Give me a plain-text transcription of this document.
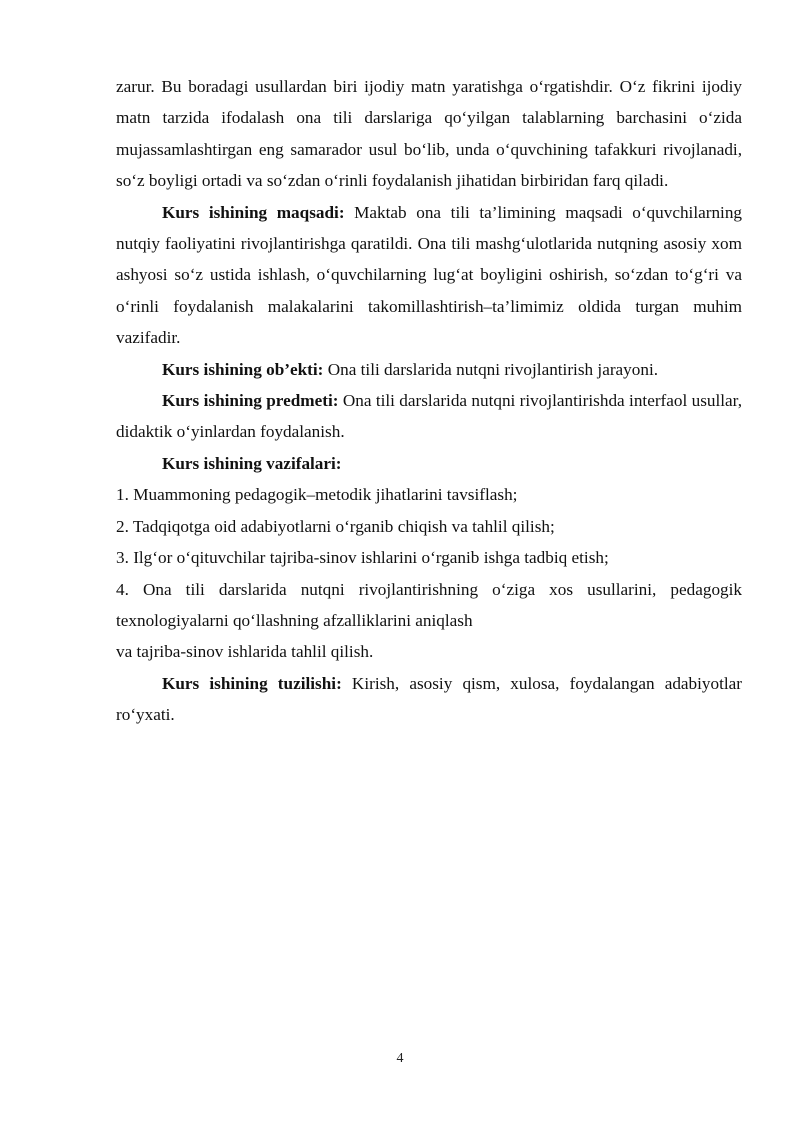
zarur. Bu boradagi usullardan biri ijodiy matn yaratishga o‘rgatishdir. O‘z fikrini ijodiy matn tarzida ifodalash ona tili darslariga qo‘yilgan talablarning barchasini o‘zida mujassamlashtirgan eng samarador usul bo‘lib, unda o‘quvchining tafakkuri rivojlanadi, so‘z boyligi ortadi va so‘zdan o‘rinli foydalanish jihatidan birbiridan farq qiladi.

Kurs ishining maqsadi: Maktab ona tili ta’limining maqsadi o‘quvchilarning nutqiy faoliyatini rivojlantirishga qaratildi. Ona tili mashg‘ulotlarida nutqning asosiy xom ashyosi so‘z ustida ishlash, o‘quvchilarning lug‘at boyligini oshirish, so‘zdan to‘g‘ri va o‘rinli foydalanish malakalarini takomillashtirish–ta’limimiz oldida turgan muhim vazifadir.

Kurs ishining ob’ekti: Ona tili darslarida nutqni rivojlantirish jarayoni.

Kurs ishining predmeti: Ona tili darslarida nutqni rivojlantirishda interfaol usullar, didaktik o‘yinlardan foydalanish.

Kurs ishining vazifalari:

1. Muammoning pedagogik–metodik jihatlarini tavsiflash;

2. Tadqiqotga oid adabiyotlarni o‘rganib chiqish va tahlil qilish;

3. Ilg‘or o‘qituvchilar tajriba-sinov ishlarini o‘rganib ishga tadbiq etish;

4. Ona tili darslarida nutqni rivojlantirishning o‘ziga xos usullarini, pedagogik texnologiyalarni qo‘llashning afzalliklarini aniqlash

va tajriba-sinov ishlarida tahlil qilish.

Kurs ishining tuzilishi: Kirish, asosiy qism, xulosa, foydalangan adabiyotlar ro‘yxati.

4
